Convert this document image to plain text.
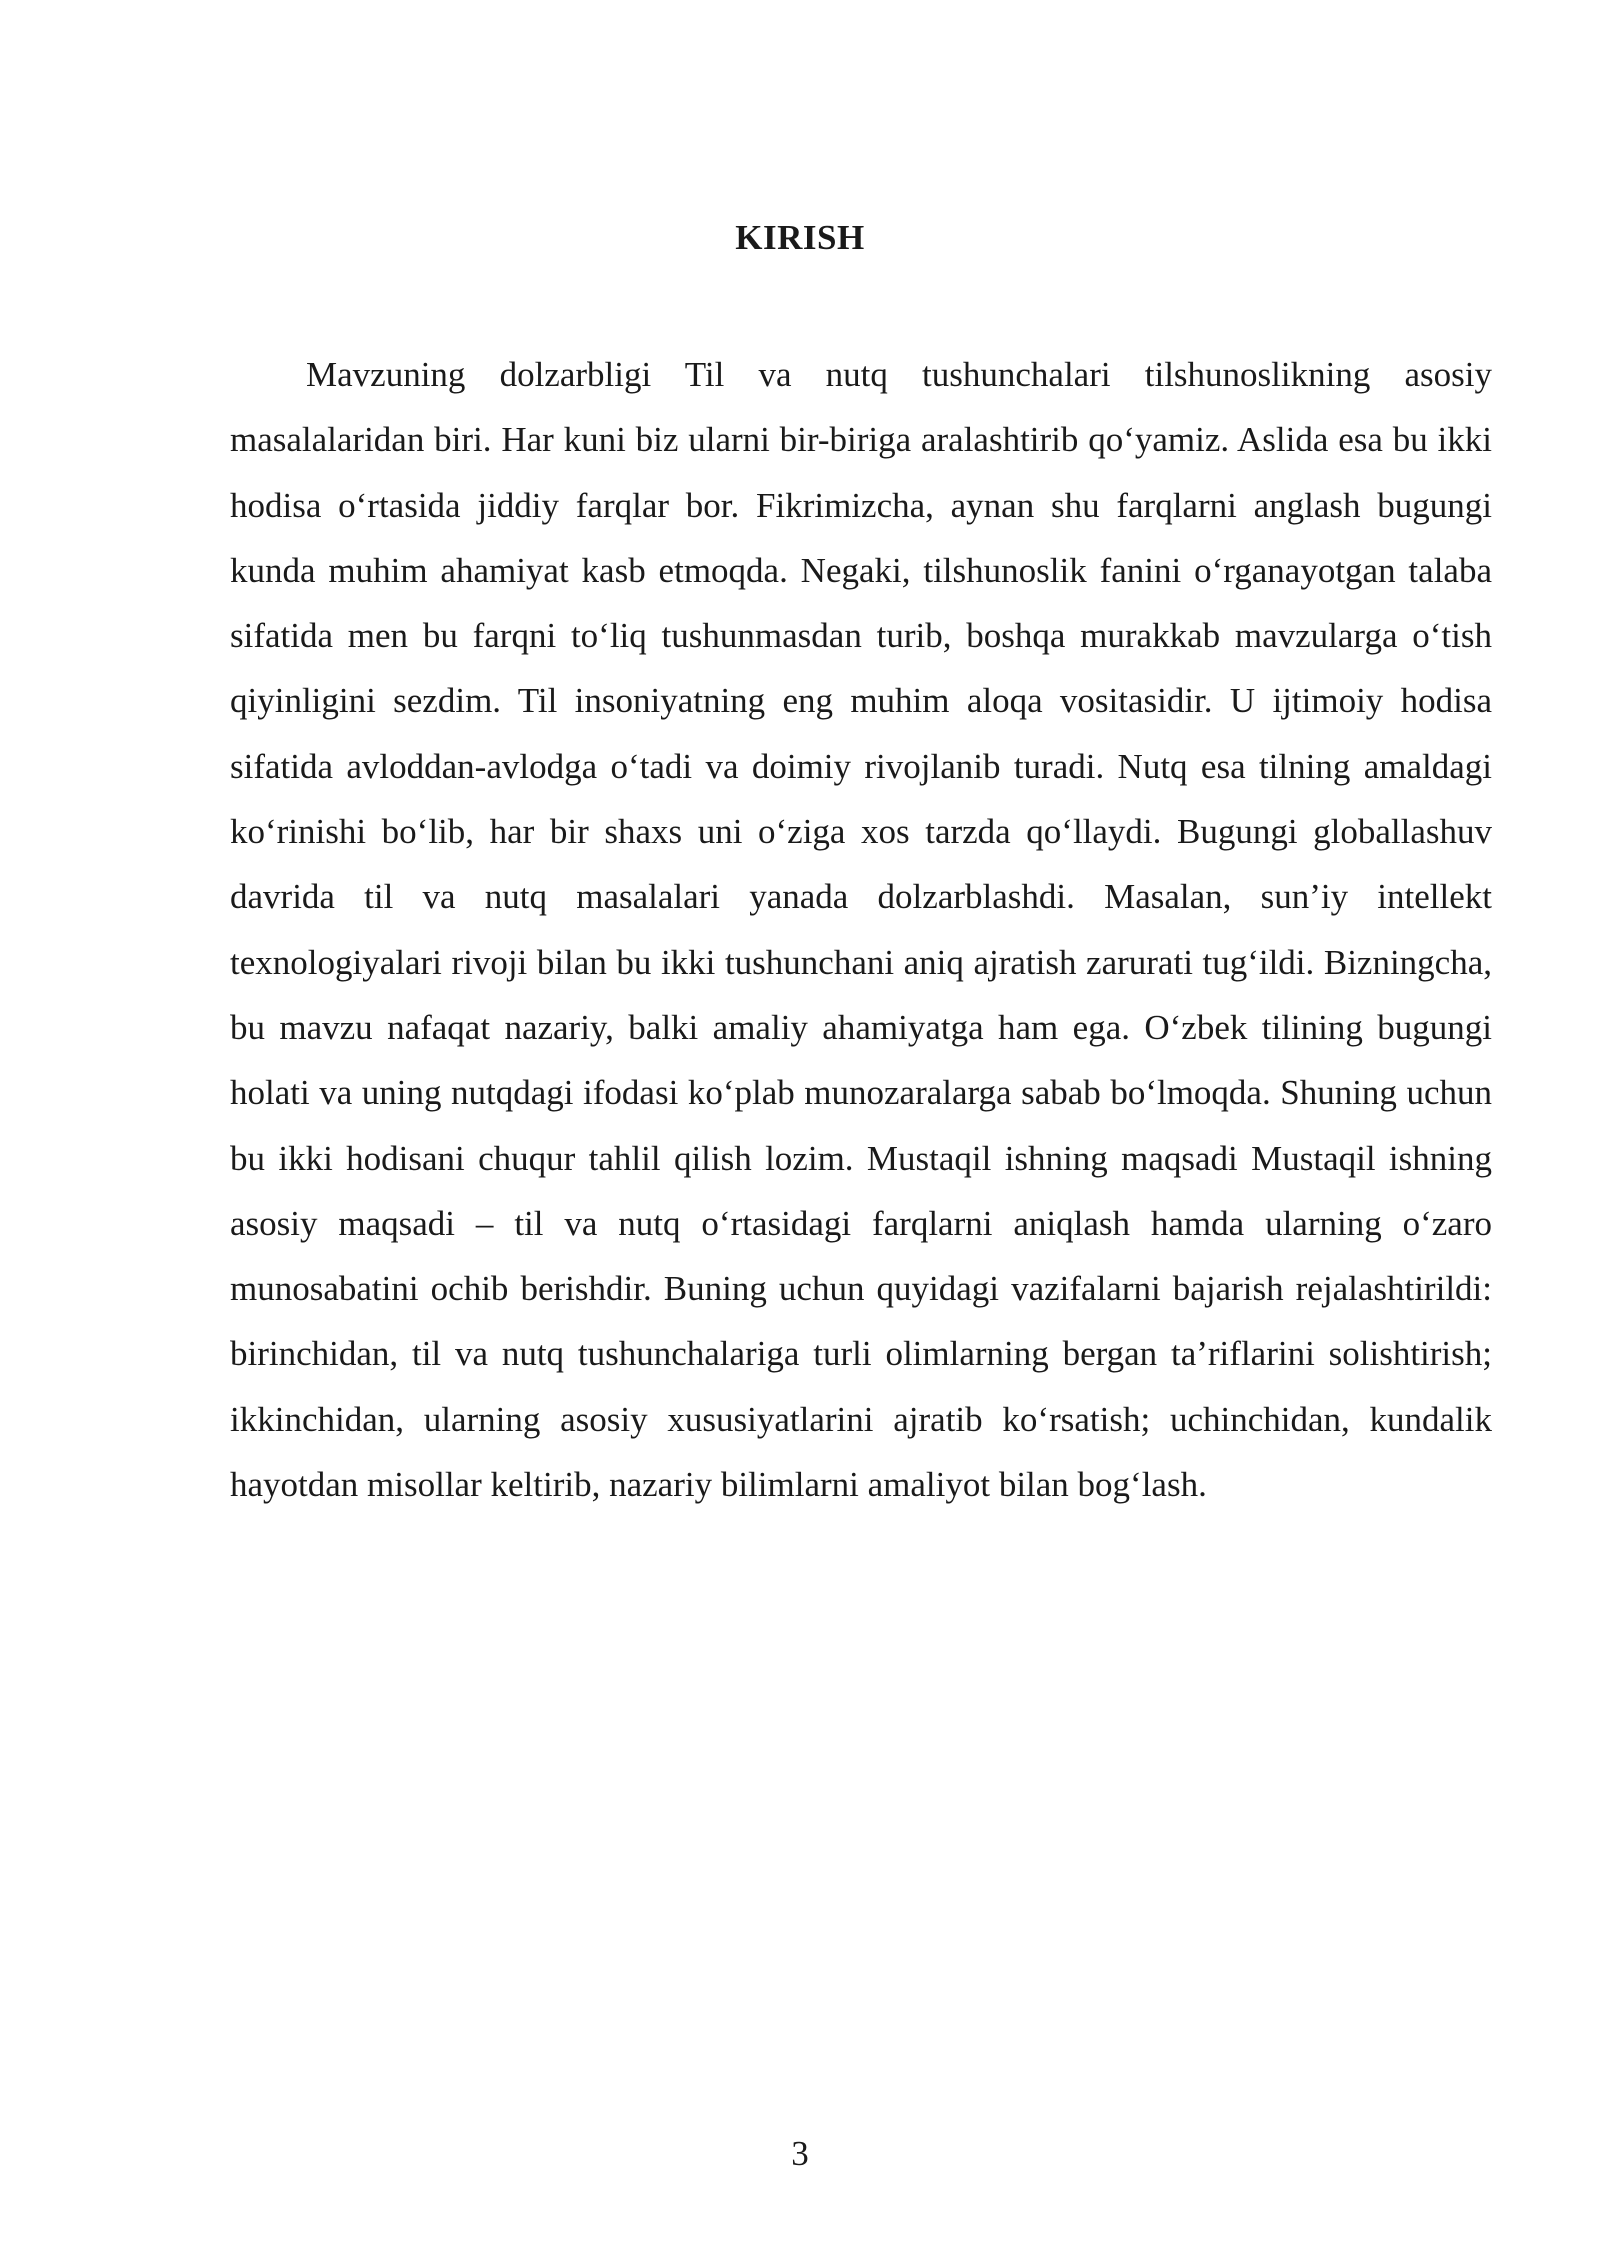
KIRISH

Mavzuning dolzarbligi Til va nutq tushunchalari tilshunoslikning asosiy masalalaridan biri. Har kuni biz ularni bir-biriga aralashtirib qo‘yamiz. Aslida esa bu ikki hodisa o‘rtasida jiddiy farqlar bor. Fikrimizcha, aynan shu farqlarni anglash bugungi kunda muhim ahamiyat kasb etmoqda. Negaki, tilshunoslik fanini o‘rganayotgan talaba sifatida men bu farqni to‘liq tushunmasdan turib, boshqa murakkab mavzularga o‘tish qiyinligini sezdim. Til insoniyatning eng muhim aloqa vositasidir. U ijtimoiy hodisa sifatida avloddan-avlodga o‘tadi va doimiy rivojlanib turadi. Nutq esa tilning amaldagi ko‘rinishi bo‘lib, har bir shaxs uni o‘ziga xos tarzda qo‘llaydi. Bugungi globallashuv davrida til va nutq masalalari yanada dolzarblashdi. Masalan, sun’iy intellekt texnologiyalari rivoji bilan bu ikki tushunchani aniq ajratish zarurati tug‘ildi. Bizningcha, bu mavzu nafaqat nazariy, balki amaliy ahamiyatga ham ega. O‘zbek tilining bugungi holati va uning nutqdagi ifodasi ko‘plab munozaralarga sabab bo‘lmoqda. Shuning uchun bu ikki hodisani chuqur tahlil qilish lozim. Mustaqil ishning maqsadi Mustaqil ishning asosiy maqsadi – til va nutq o‘rtasidagi farqlarni aniqlash hamda ularning o‘zaro munosabatini ochib berishdir. Buning uchun quyidagi vazifalarni bajarish rejalashtirildi: birinchidan, til va nutq tushunchalariga turli olimlarning bergan ta’riflarini solishtirish; ikkinchidan, ularning asosiy xususiyatlarini ajratib ko‘rsatish; uchinchidan, kundalik hayotdan misollar keltirib, nazariy bilimlarni amaliyot bilan bog‘lash.

3
